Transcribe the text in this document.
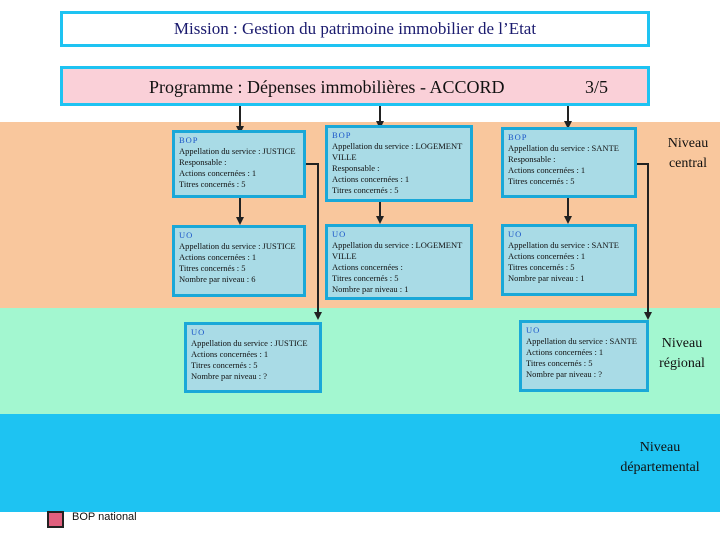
Mission : Gestion du patrimoine immobilier de l’Etat
Programme : Dépenses immobilières - ACCORD	3/5
BOP
Appellation du service : JUSTICE
Responsable :
Actions concernées : 1
Titres concernés : 5
BOP
Appellation du service : LOGEMENT
VILLE
Responsable :
Actions concernées : 1
Titres concernés : 5
BOP
Appellation du service : SANTE
Responsable :
Actions concernées : 1
Titres concernés : 5
UO
Appellation du service : JUSTICE
Actions concernées : 1
Titres concernés : 5
Nombre par niveau : 6
UO
Appellation du service : LOGEMENT
VILLE
Actions concernées :
Titres concernés : 5
Nombre par niveau : 1
UO
Appellation du service : SANTE
Actions concernées : 1
Titres concernés : 5
Nombre par niveau : 1
UO
Appellation du service : JUSTICE
Actions concernées : 1
Titres concernés : 5
Nombre par niveau : ?
UO
Appellation du service : SANTE
Actions concernées : 1
Titres concernés : 5
Nombre par niveau : ?
Niveau
central
Niveau
régional
Niveau
départemental
BOP national
